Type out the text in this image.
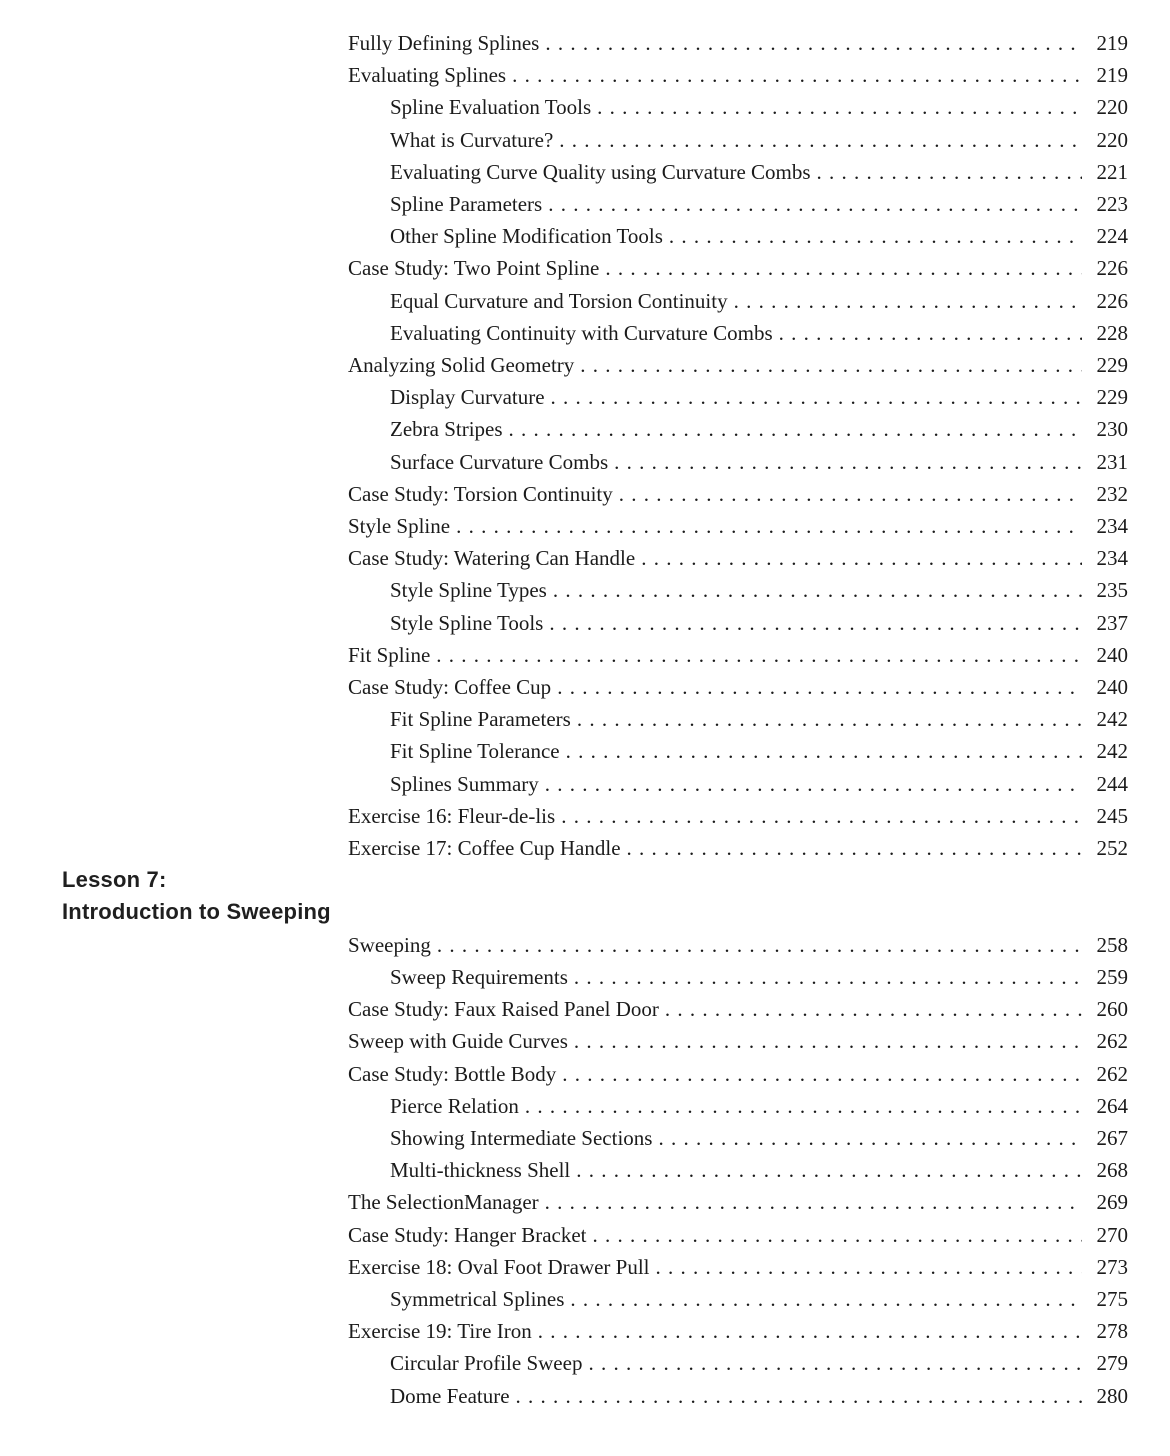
Fully Defining Splines . . .	219
Evaluating Splines . . .	219
Spline Evaluation Tools . . .	220
What is Curvature? . . .	220
Evaluating Curve Quality using Curvature Combs . . .	221
Spline Parameters . . .	223
Other Spline Modification Tools . . .	224
Case Study: Two Point Spline . . .	226
Equal Curvature and Torsion Continuity . . .	226
Evaluating Continuity with Curvature Combs . . .	228
Analyzing Solid Geometry . . .	229
Display Curvature . . .	229
Zebra Stripes . . .	230
Surface Curvature Combs . . .	231
Case Study: Torsion Continuity . . .	232
Style Spline . . .	234
Case Study: Watering Can Handle . . .	234
Style Spline Types . . .	235
Style Spline Tools . . .	237
Fit Spline . . .	240
Case Study: Coffee Cup . . .	240
Fit Spline Parameters . . .	242
Fit Spline Tolerance . . .	242
Splines Summary . . .	244
Exercise 16: Fleur-de-lis . . .	245
Exercise 17: Coffee Cup Handle . . .	252
Lesson 7:
Introduction to Sweeping
Sweeping . . .	258
Sweep Requirements . . .	259
Case Study: Faux Raised Panel Door . . .	260
Sweep with Guide Curves . . .	262
Case Study: Bottle Body . . .	262
Pierce Relation . . .	264
Showing Intermediate Sections . . .	267
Multi-thickness Shell . . .	268
The SelectionManager . . .	269
Case Study: Hanger Bracket . . .	270
Exercise 18: Oval Foot Drawer Pull . . .	273
Symmetrical Splines . . .	275
Exercise 19: Tire Iron . . .	278
Circular Profile Sweep . . .	279
Dome Feature . . .	280
